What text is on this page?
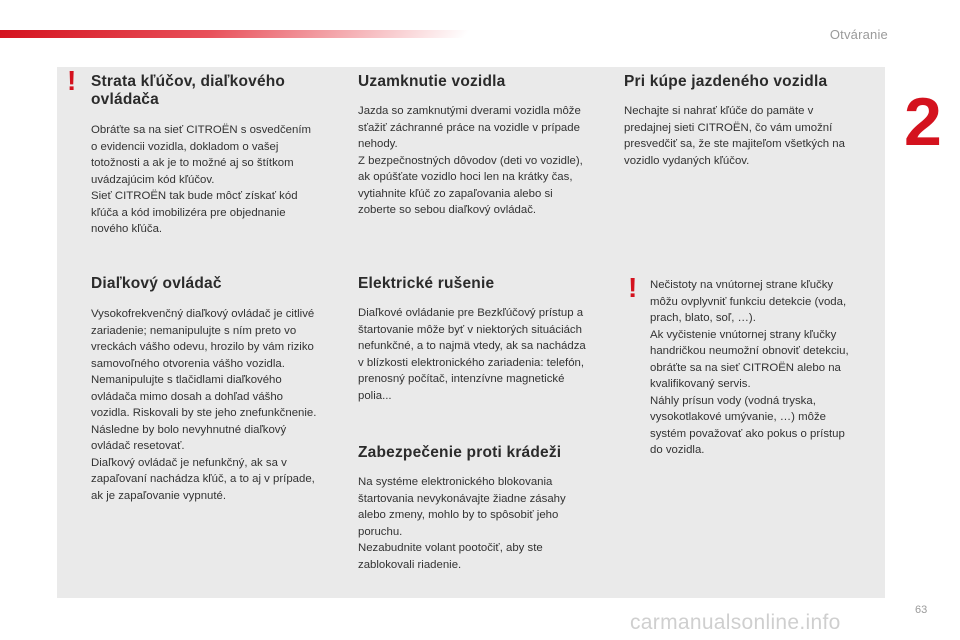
Otváranie
2
! Strata kľúčov, diaľkového
ovládača

Obráťte sa na sieť CITROËN s osvedčením
o evidencii vozidla, dokladom o vašej
totožnosti a ak je to možné aj so štítkom
uvádzajúcim kód kľúčov.
Sieť CITROËN tak bude môcť získať kód
kľúča a kód imobilizéra pre objednanie
nového kľúča.

Diaľkový ovládač

Vysokofrekvenčný diaľkový ovládač je citlivé
zariadenie; nemanipulujte s ním preto vo
vreckách vášho odevu, hrozilo by vám riziko
samovoľného otvorenia vášho vozidla.
Nemanipulujte s tlačidlami diaľkového
ovládača mimo dosah a dohľad vášho
vozidla. Riskovali by ste jeho znefunkčnenie.
Následne by bolo nevyhnutné diaľkový
ovládač resetovať.
Diaľkový ovládač je nefunkčný, ak sa v
zapaľovaní nachádza kľúč, a to aj v prípade,
ak je zapaľovanie vypnuté.

Uzamknutie vozidla

Jazda so zamknutými dverami vozidla môže
sťažiť záchranné práce na vozidle v prípade
nehody.
Z bezpečnostných dôvodov (deti vo vozidle),
ak opúšťate vozidlo hoci len na krátky čas,
vytiahnite kľúč zo zapaľovania alebo si
zoberte so sebou diaľkový ovládač.

Elektrické rušenie

Diaľkové ovládanie pre Bezkľúčový prístup a
štartovanie môže byť v niektorých situáciách
nefunkčné, a to najmä vtedy, ak sa nachádza
v blízkosti elektronického zariadenia: telefón,
prenosný počítač, intenzívne magnetické
polia...

Zabezpečenie proti krádeži

Na systéme elektronického blokovania
štartovania nevykonávajte žiadne zásahy
alebo zmeny, mohlo by to spôsobiť jeho
poruchu.
Nezabudnite volant pootočiť, aby ste
zablokovali riadenie.

Pri kúpe jazdeného vozidla

Nechajte si nahrať kľúče do pamäte v
predajnej sieti CITROËN, čo vám umožní
presvedčiť sa, že ste majiteľom všetkých na
vozidlo vydaných kľúčov.

! Nečistoty na vnútornej strane kľučky
môžu ovplyvniť funkciu detekcie (voda,
prach, blato, soľ, …).
Ak vyčistenie vnútornej strany kľučky
handričkou neumožní obnoviť detekciu,
obráťte sa na sieť CITROËN alebo na
kvalifikovaný servis.
Náhly prísun vody (vodná tryska,
vysokotlakové umývanie, …) môže
systém považovať ako pokus o prístup
do vozidla.

63
carmanualsonline.info
